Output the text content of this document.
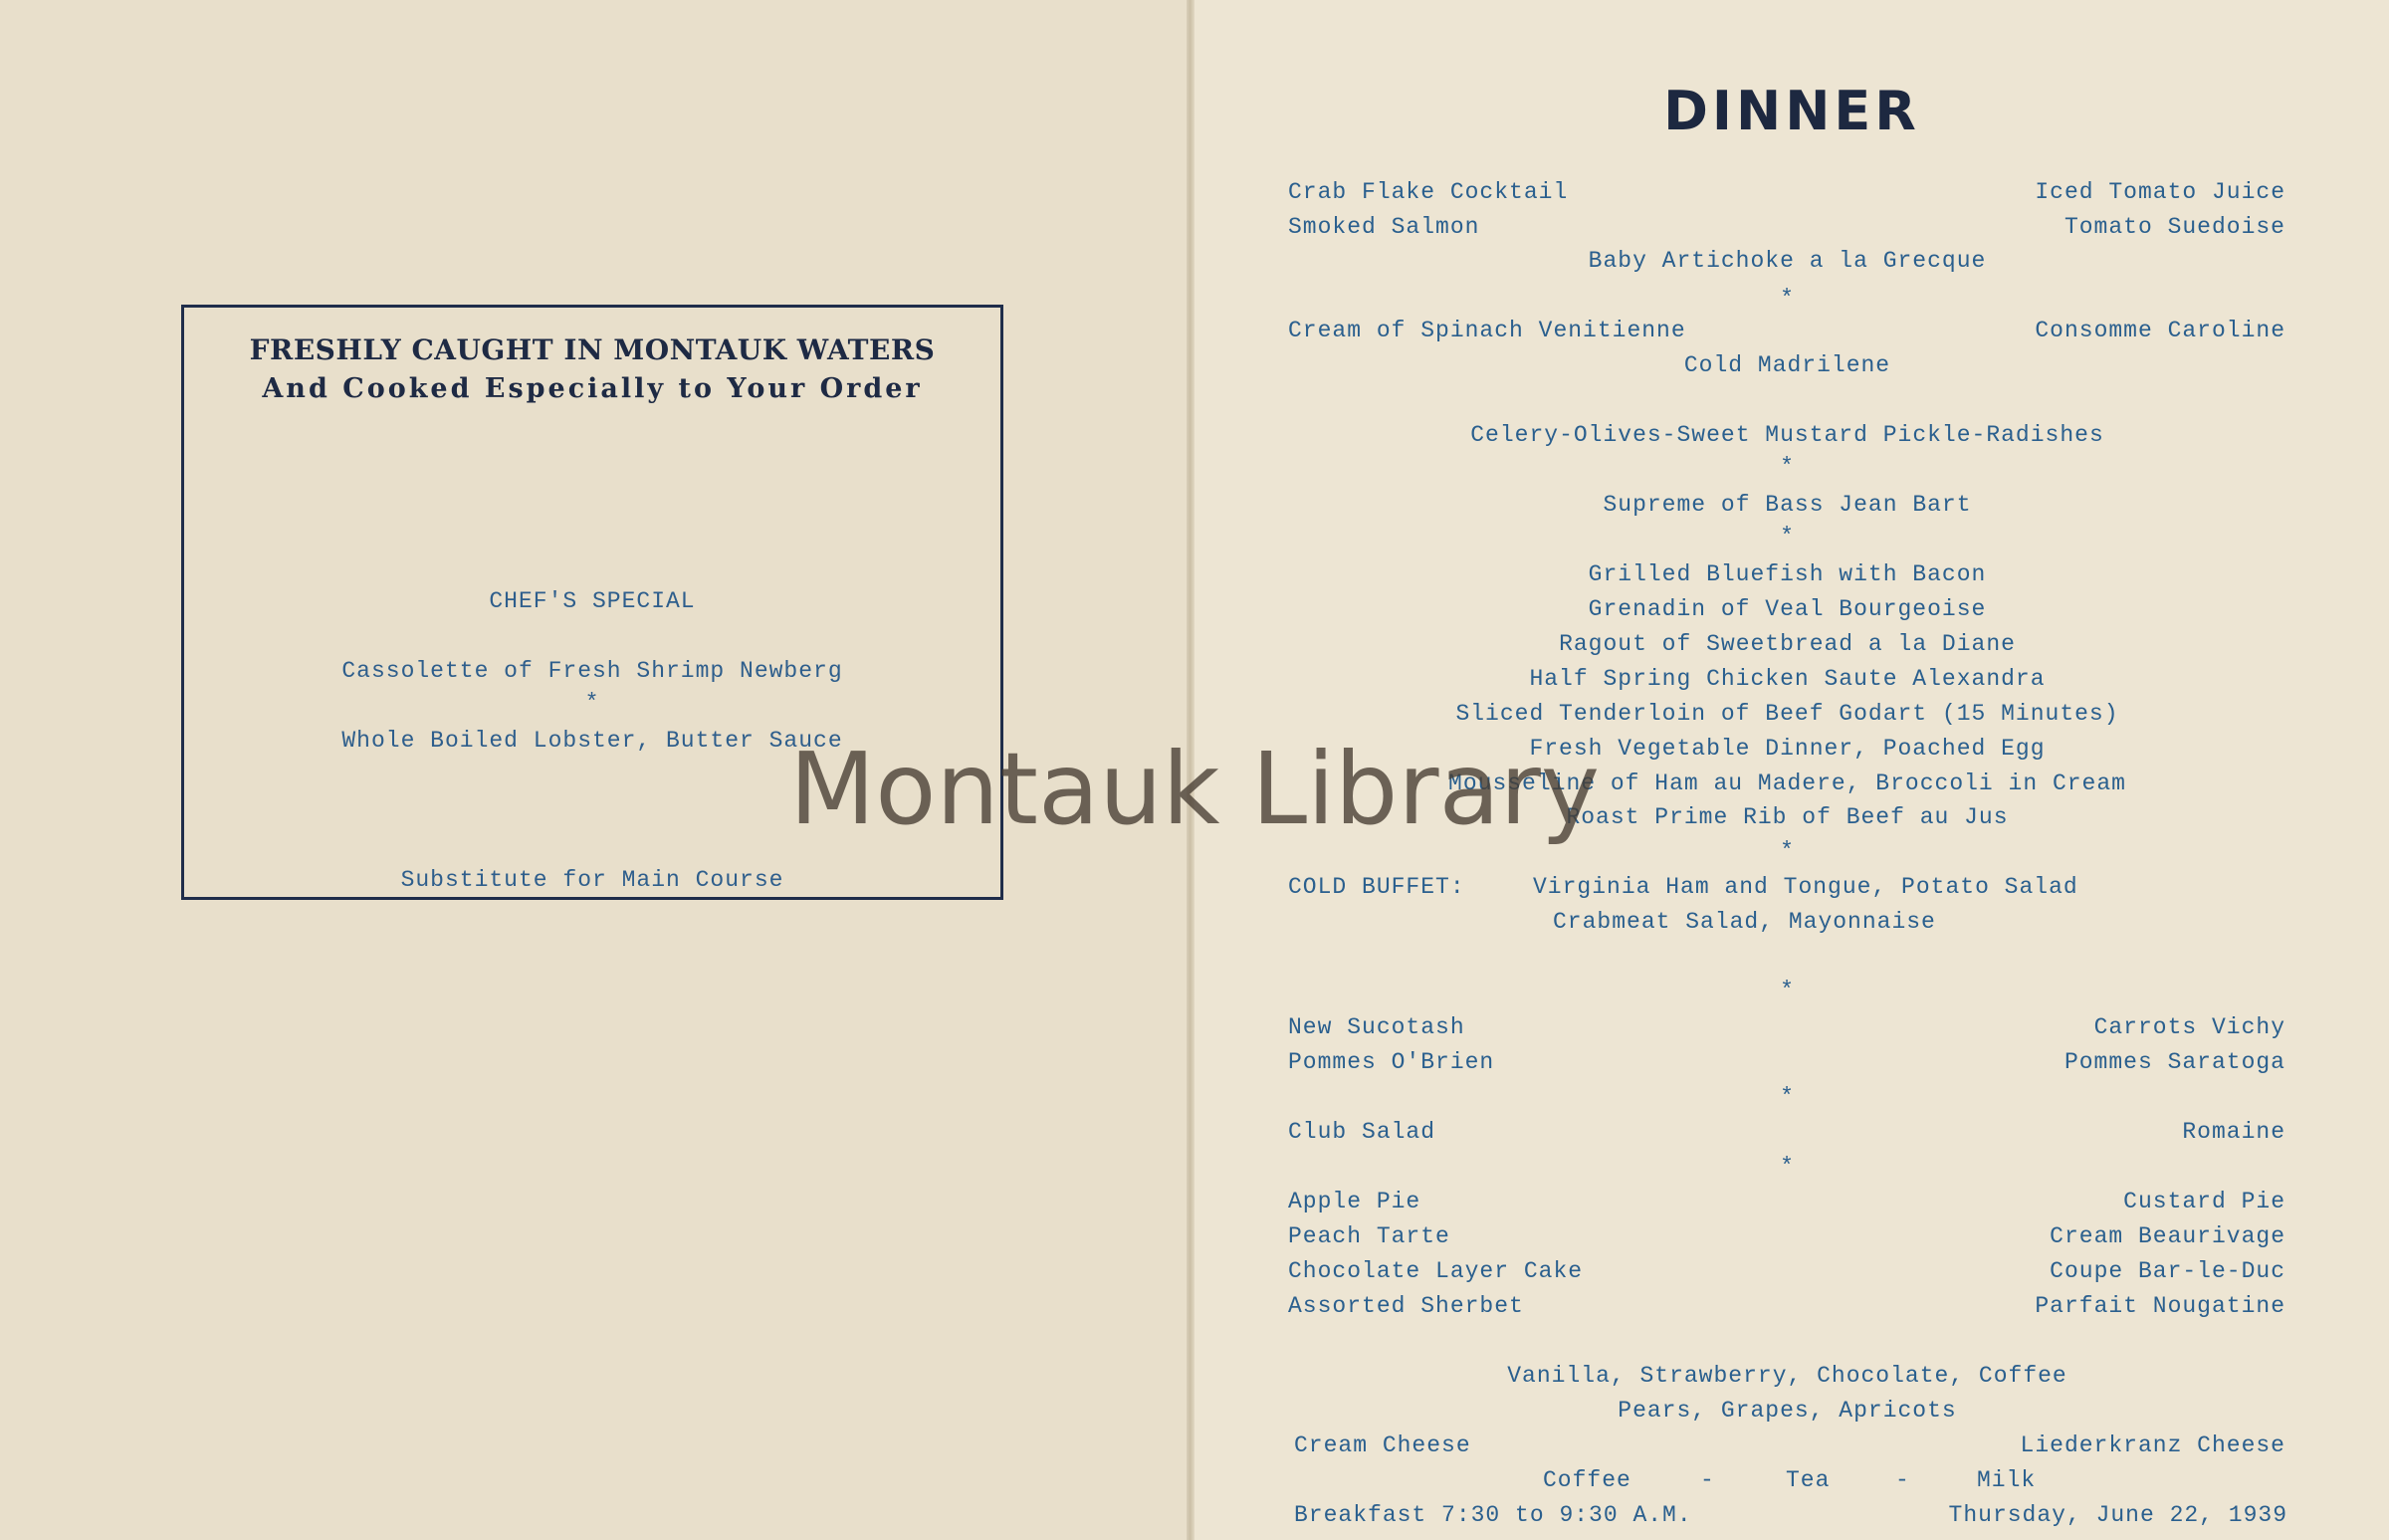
FRESHLY CAUGHT IN MONTAUK WATERS
And Cooked Especially to Your Order
CHEF'S SPECIAL
Cassolette of Fresh Shrimp Newberg
*
Whole Boiled Lobster, Butter Sauce
Substitute for Main Course
DINNER
Crab Flake Cocktail	Iced Tomato Juice
Smoked Salmon	Tomato Suedoise
Baby Artichoke a la Grecque
*
Cream of Spinach Venitienne	Consomme Caroline
Cold Madrilene
Celery-Olives-Sweet Mustard Pickle-Radishes
*
Supreme of Bass Jean Bart
*
Grilled Bluefish with Bacon
Grenadin of Veal Bourgeoise
Ragout of Sweetbread a la Diane
Half Spring Chicken Saute Alexandra
Sliced Tenderloin of Beef Godart (15 Minutes)
Fresh Vegetable Dinner, Poached Egg
Mousseline of Ham au Madere, Broccoli in Cream
Roast Prime Rib of Beef au Jus
*
COLD BUFFET:	Virginia Ham and Tongue, Potato Salad
Crabmeat Salad, Mayonnaise
*
New Sucotash	Carrots Vichy
Pommes O'Brien	Pommes Saratoga
*
Club Salad	Romaine
*
Apple Pie	Custard Pie
Peach Tarte	Cream Beaurivage
Chocolate Layer Cake	Coupe Bar-le-Duc
Assorted Sherbet	Parfait Nougatine
Vanilla, Strawberry, Chocolate, Coffee
Pears, Grapes, Apricots
Cream Cheese	Liederkranz Cheese
Coffee	-	Tea	-	Milk
Breakfast 7:30 to 9:30 A.M.	Thursday, June 22, 1939
Montauk Library
